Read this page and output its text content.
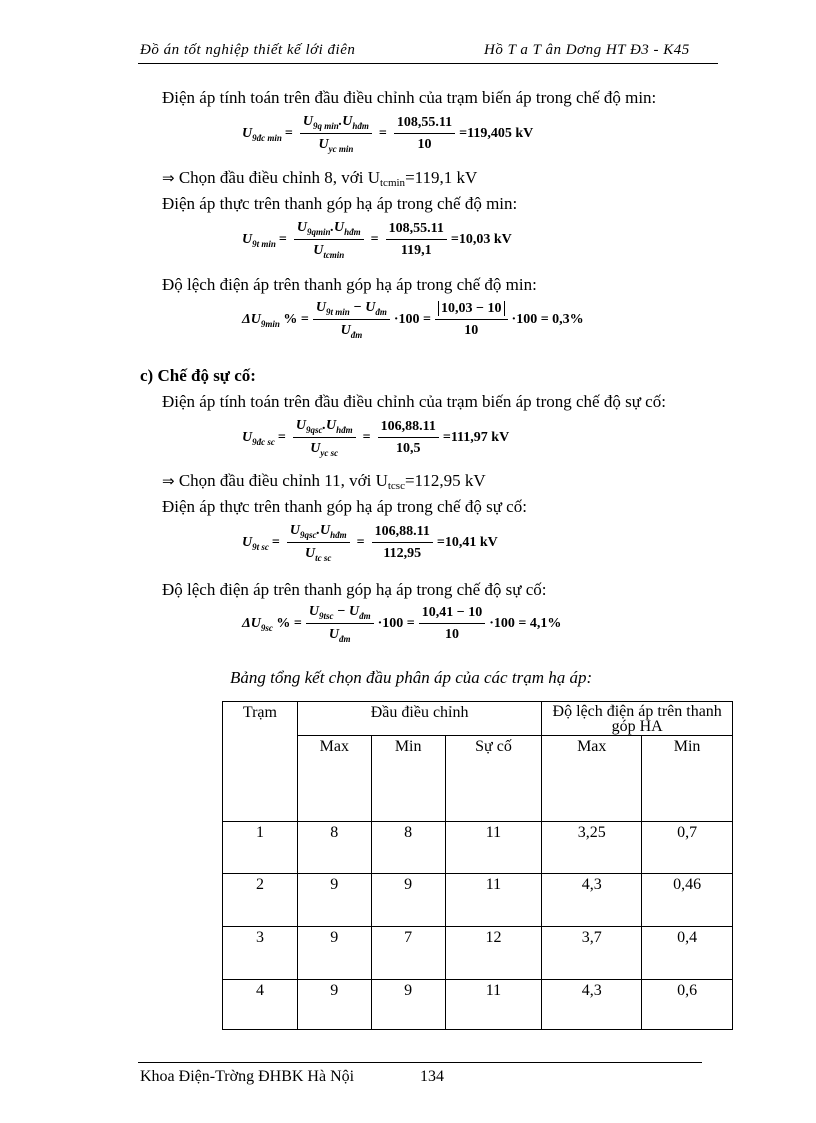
Đồ án tốt nghiệp thiết kế lới điên	Hồ T a T ân Dơng HT Đ3 - K45
Điện áp tính toán trên đầu điều chỉnh của trạm biến áp trong chế độ min:
$U_{9đc min} = \frac{U_{9q min}.U_{hđm}}{U_{yc min}} = \frac{108,55.11}{10} =119,405$ kV
⇒ Chọn đầu điều chỉnh 8, với Utcmin=119,1 kV
Điện áp thực trên thanh góp hạ áp trong chế độ min:
$U_{9t min} = \frac{U_{9qmin}.U_{hđm}}{U_{tcmin}} = \frac{108,55.11}{119,1} =10,03$ kV
Độ lệch điện áp trên thanh góp hạ áp trong chế độ min:
$\Delta U_{9min}$ % = $\frac{U_{9t min} - U_{đm}}{U_{đm}} \cdot 100 = \frac{10,03 - 10}{10} \cdot 100 = 0,3\%$
c) Chế độ sự cố:
Điện áp tính toán trên đầu điều chỉnh của trạm biến áp trong chế độ sự cố:
$U_{9đc sc} = \frac{U_{9qsc}.U_{hđm}}{U_{yc sc}} = \frac{106,88.11}{10,5} =111,97$ kV
⇒ Chọn đầu điều chỉnh 11, với Utcsc=112,95 kV
Điện áp thực trên thanh góp hạ áp trong chế độ sự cố:
$U_{9t sc} = \frac{U_{9qsc}.U_{hđm}}{U_{tc sc}} = \frac{106,88.11}{112,95} =10,41$ kV
Độ lệch điện áp trên thanh góp hạ áp trong chế độ sự cố:
$\Delta U_{9sc}$ % = $\frac{U_{9tsc} - U_{đm}}{U_{đm}} \cdot 100 = \frac{10,41 - 10}{10} \cdot 100 = 4,1\%$
Bảng tổng kết chọn đầu phân áp của các trạm hạ áp:
Trạm	Đầu điều chỉnh			Độ lệch điện áp trên thanh góp HA	
	Max	Min	Sự cố	Max	Min
1	8	8	11	3,25	0,7
2	9	9	11	4,3	0,46
3	9	7	12	3,7	0,4
4	9	9	11	4,3	0,6
Khoa Điện-Trờng ĐHBK Hà Nội	134
